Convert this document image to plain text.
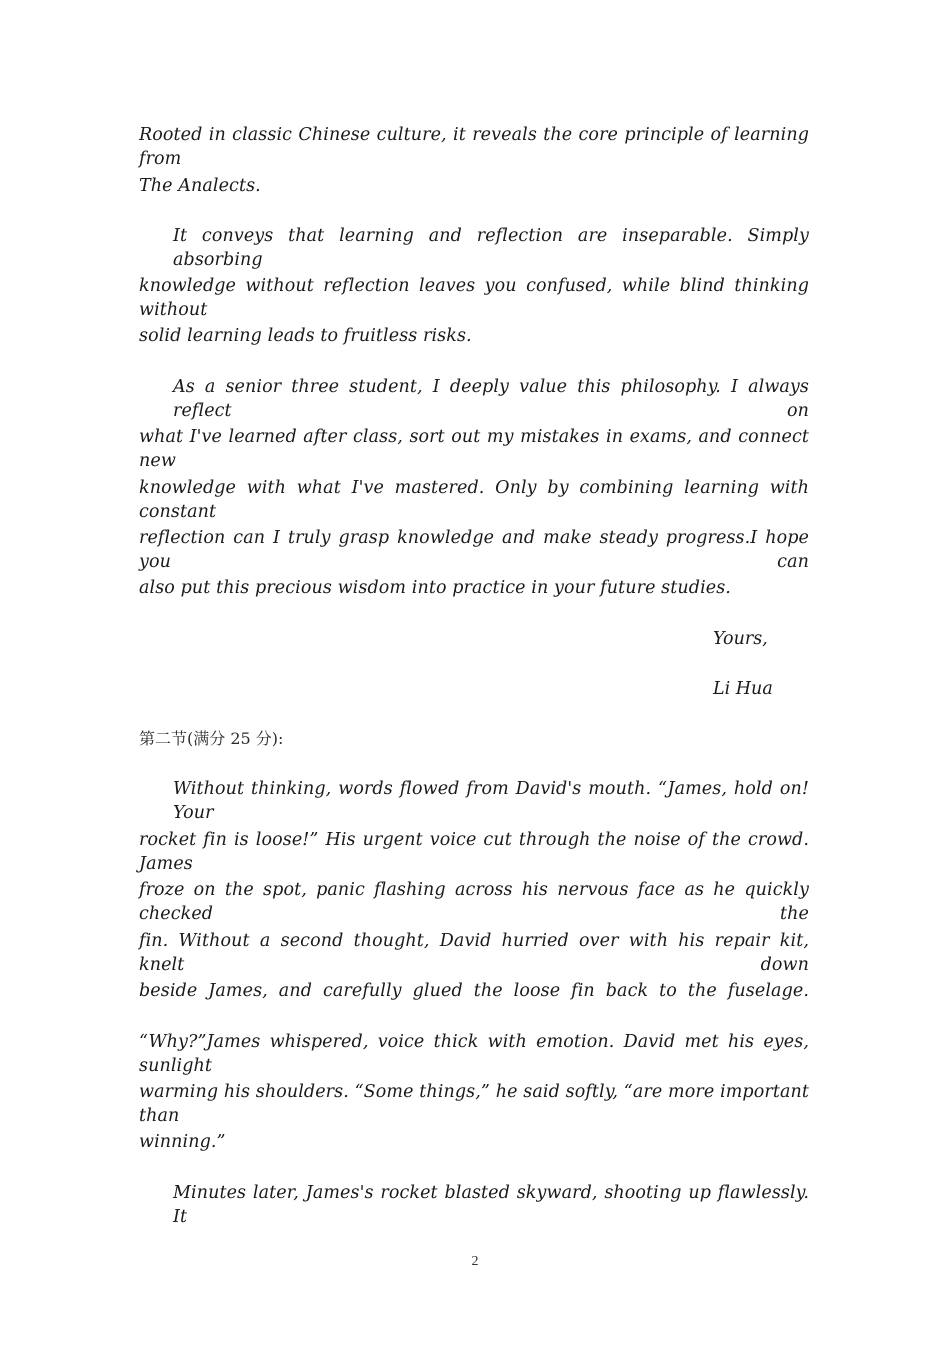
Rooted in classic Chinese culture, it reveals the core principle of learning from
The Analects.
It conveys that learning and reflection are inseparable. Simply absorbing
knowledge without reflection leaves you confused, while blind thinking without
solid learning leads to fruitless risks.
As a senior three student, I deeply value this philosophy. I always reflect on
what I've learned after class, sort out my mistakes in exams, and connect new
knowledge with what I've mastered. Only by combining learning with constant
reflection can I truly grasp knowledge and make steady progress.I hope you can
also put this precious wisdom into practice in your future studies.
Yours,
Li Hua
第二节(满分 25 分):
Without thinking, words flowed from David's mouth. “James, hold on! Your
rocket fin is loose!” His urgent voice cut through the noise of the crowd. James
froze on the spot, panic flashing across his nervous face as he quickly checked the
fin. Without a second thought, David hurried over with his repair kit, knelt down
beside James, and carefully glued the loose fin back to the fuselage.
“Why?”James whispered, voice thick with emotion. David met his eyes, sunlight
warming his shoulders. “Some things,” he said softly, “are more important than
winning.”
Minutes later, James's rocket blasted skyward, shooting up flawlessly. It
2
